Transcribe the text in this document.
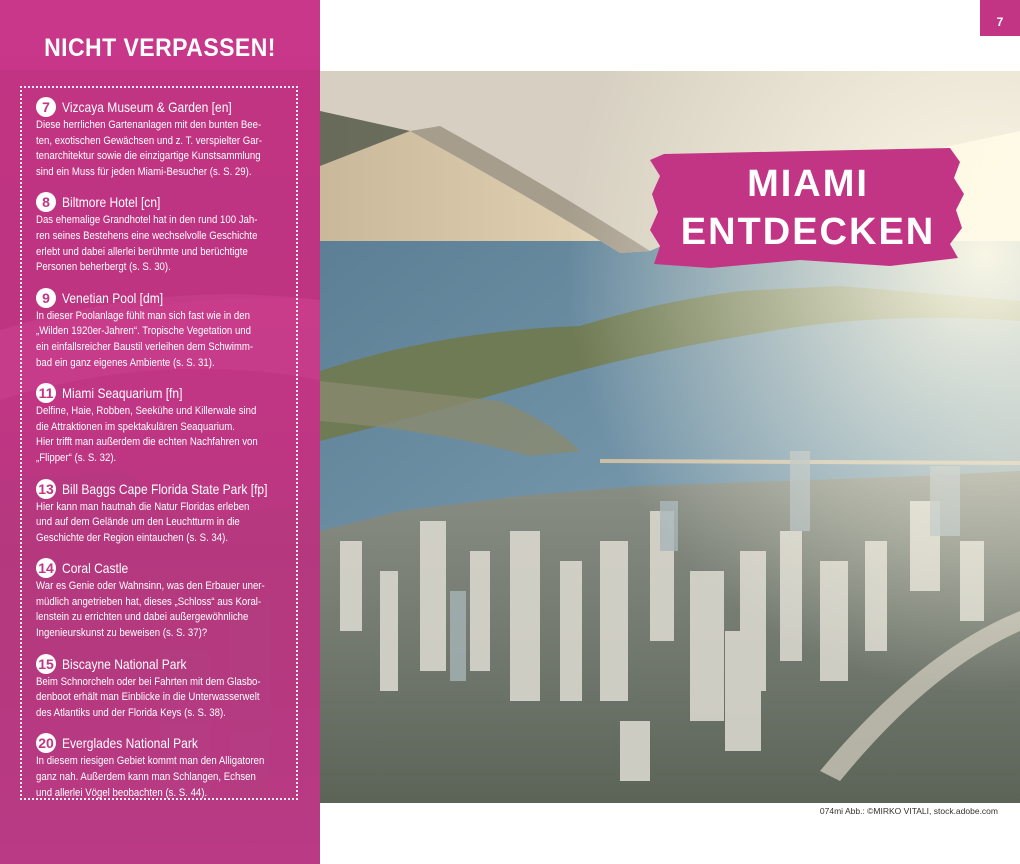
NICHT VERPASSEN!
7 Vizcaya Museum & Garden [en]
Diese herrlichen Gartenanlagen mit den bunten Bee-
ten, exotischen Gewächsen und z. T. verspielter Gar-
tenarchitektur sowie die einzigartige Kunstsammlung
sind ein Muss für jeden Miami-Besucher (s. S. 29).
8 Biltmore Hotel [cn]
Das ehemalige Grandhotel hat in den rund 100 Jah-
ren seines Bestehens eine wechselvolle Geschichte
erlebt und dabei allerlei berühmte und berüchtigte
Personen beherbergt (s. S. 30).
9 Venetian Pool [dm]
In dieser Poolanlage fühlt man sich fast wie in den
„Wilden 1920er-Jahren“. Tropische Vegetation und
ein einfallsreicher Baustil verleihen dem Schwimm-
bad ein ganz eigenes Ambiente (s. S. 31).
11 Miami Seaquarium [fn]
Delfine, Haie, Robben, Seekühe und Killerwale sind
die Attraktionen im spektakulären Seaquarium.
Hier trifft man außerdem die echten Nachfahren von
„Flipper“ (s. S. 32).
13 Bill Baggs Cape Florida State Park [fp]
Hier kann man hautnah die Natur Floridas erleben
und auf dem Gelände um den Leuchtturm in die
Geschichte der Region eintauchen (s. S. 34).
14 Coral Castle
War es Genie oder Wahnsinn, was den Erbauer uner-
müdlich angetrieben hat, dieses „Schloss“ aus Koral-
lenstein zu errichten und dabei außergewöhnliche
Ingenieurskunst zu beweisen (s. S. 37)?
15 Biscayne National Park
Beim Schnorcheln oder bei Fahrten mit dem Glasbo-
denboot erhält man Einblicke in die Unterwasserwelt
des Atlantiks und der Florida Keys (s. S. 38).
20 Everglades National Park
In diesem riesigen Gebiet kommt man den Alligatoren
ganz nah. Außerdem kann man Schlangen, Echsen
und allerlei Vögel beobachten (s. S. 44).
7
074mi Abb.: ©MIRKO VITALI, stock.adobe.com
MIAMI
ENTDECKEN
